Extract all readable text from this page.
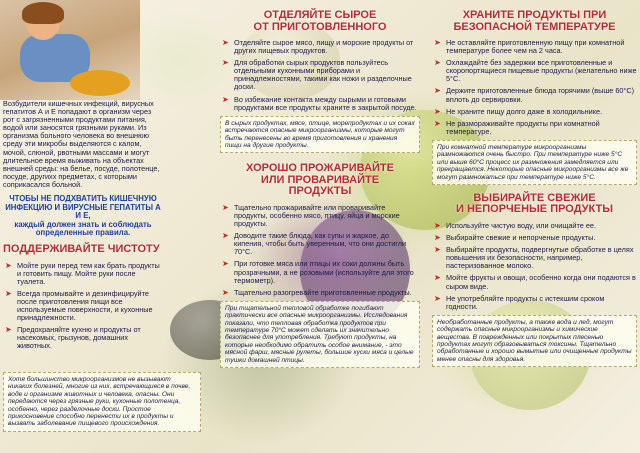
Возбудители кишечных инфекций, вирусных гепатитов А и Е попадают в организм через рот с загрязненными продуктами питания, водой или заносятся грязными руками. Из организма больного человека во внешнюю среду эти микробы выделяются с калом, мочой, слюной, рвотными массами и могут длительное время выживать на объектах внешней среды: на белье, посуде, полотенце, посуде, другихх предметах, с которыми соприкасался больной.

ЧТОБЫ НЕ ПОДХВАТИТЬ КИШЕЧНУЮ
ИНФЕКЦИЮ И ВИРУСНЫЕ ГЕПАТИТЫ А И Е,
каждый должен знать и соблюдать определенные правила.
ПОДДЕРЖИВАЙТЕ ЧИСТОТУ
➤ Мойте руки перед тем как брать продукты и готовить пищу. Мойте руки после туалета.
➤ Всегда промывайте и дезинфицируйте после приготовления пищи все используемые поверхности, и кухонные принадлежности.
➤ Предохраняйте кухню и продукты от насекомых, грызунов, домашних животных.
Хотя большинство микроорганизмов не вызывают никаких болезней, многие из них, встречающиеся в почве, воде и организме животных и человека, опасны. Они передаются через грязные руки, кухонные полотенца, особенно, через разделочные доски. Простое прикосновение способно перенести их в продукты и вызвать заболевание пищевого происхождения.
ОТДЕЛЯЙТЕ СЫРОЕ
ОТ ПРИГОТОВЛЕННОГО
➤ Отделяйте сырое мясо, пищу и морские продукты от других пищевых продуктов.
➤ Для обработки сырых продуктов пользуйтесь отдельными кухонными приборами и принадлежностями, такими как ножи и разделочные доски.
➤ Во избежание контакта между сырыми и готовыми продуктами все продукты храните в закрытой посуде.
В сырых продуктах, мясе, птице, морепродуктах и их соках встречаются опасные микроорганизмы, которые могут быть перенесены во время приготовления и хранения пищи на другие продукты.
ХОРОШО ПРОЖАРИВАЙТЕ
ИЛИ ПРОВАРИВАЙТЕ
ПРОДУКТЫ
➤ Тщательно прожаривайте или проваривайте продукты, особенно мясо, птицу, яйца и морские продукты.
➤ Доводите такие блюда, как супы и жаркое, до кипения, чтобы быть уверенным, что они достигли 70°С.
➤ При готовке мяса или птицы их соки должны быть прозрачными, а не розовыми (используйте для этого термометр).
➤ Тщательно разогревайте приготовленные продукты.
При тщательной тепловой обработке погибают практически все опасные микроорганизмы. Исследования показали, что тепловая обработка продуктов при температуре 70°С может сделать их значительно безопаснее для употребления. Требуют продукты, на которые необходимо обратить особое внимание, - это мясной фарш, мясные рулеты, большие куски мяса и целые тушки домашней птицы.
ХРАНИТЕ ПРОДУКТЫ ПРИ
БЕЗОПАСНОЙ ТЕМПЕРАТУРЕ
➤ Не оставляйте приготовленную пищу при комнатной температуре более чем на 2 часа.
➤ Охлаждайте без задержки все приготовленные и скоропортящиеся пищевые продукты (желательно ниже 5°С.
➤ Держите приготовленные блюда горячими (выше 60°С) вплоть до сервировки.
➤ Не храните пищу долго даже в холодильнике.
➤ Не размораживайте продукты при комнатной температуре.
При комнатной температуре микроорганизмы размножаются очень быстро. При температуре ниже 5°С или выше 60°С процесс их размножения замедляется или прекращается. Некоторые опасные микроорганизмы все же могут размножаться при температуре ниже 5°С.
ВЫБИРАЙТЕ СВЕЖИЕ
И НЕПОРЧЕНЫЕ ПРОДУКТЫ
➤ Используйте чистую воду, или очищайте ее.
➤ Выбирайте свежие и непорченые продукты.
➤ Выбирайте продукты, подвергнутые обработке в целях повышения их безопасности, например, пастеризованное молоко.
➤ Мойте фрукты и овощи, особенно когда они подаются в сыром виде.
➤ Не употребляйте продукты с истекшим сроком годности.
Необработанные продукты, а также вода и лед, могут содержать опасные микроорганизмы и химические вещества. В поврежденных или покрытых плесенью продуктах могут образовываться токсины. Тщательно обработанные и хорошо вымытые или очищенные продукты менее опасны для здоровья.
